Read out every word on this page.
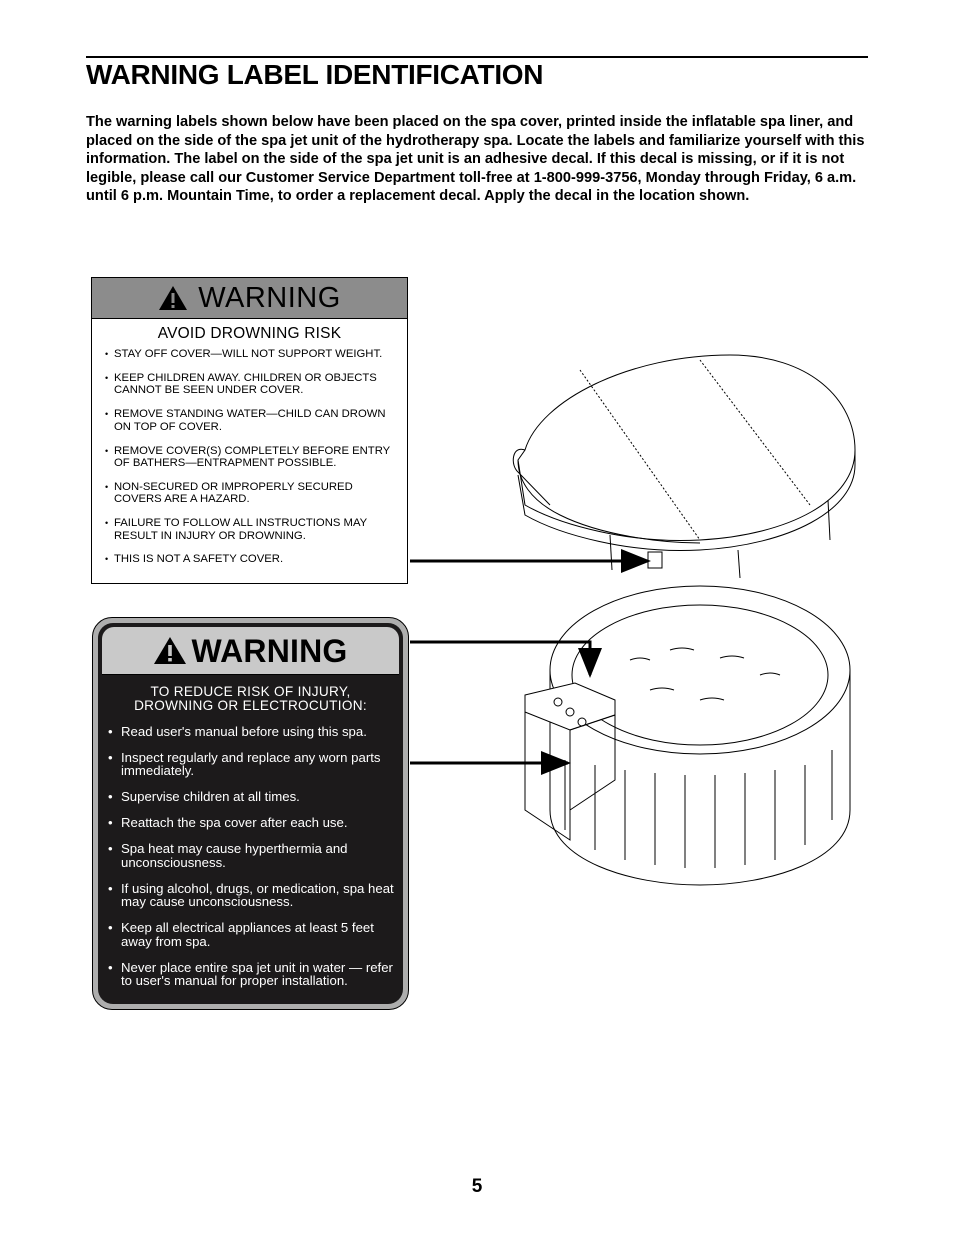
WARNING LABEL IDENTIFICATION

The warning labels shown below have been placed on the spa cover, printed inside the inflatable spa liner, and placed on the side of the spa jet unit of the hydrotherapy spa. Locate the labels and familiarize yourself with this information. The label on the side of the spa jet unit is an adhesive decal. If this decal is missing, or if it is not legible, please call our Customer Service Department toll-free at 1-800-999-3756, Monday through Friday, 6 a.m. until 6 p.m. Mountain Time, to order a replacement decal. Apply the decal in the location shown.

WARNING
AVOID DROWNING RISK
• STAY OFF COVER—WILL NOT SUPPORT WEIGHT.
• KEEP CHILDREN AWAY. CHILDREN OR OBJECTS CANNOT BE SEEN UNDER COVER.
• REMOVE STANDING WATER—CHILD CAN DROWN ON TOP OF COVER.
• REMOVE COVER(S) COMPLETELY BEFORE ENTRY OF BATHERS—ENTRAPMENT POSSIBLE.
• NON-SECURED OR IMPROPERLY SECURED COVERS ARE A HAZARD.
• FAILURE TO FOLLOW ALL INSTRUCTIONS MAY RESULT IN INJURY OR DROWNING.
• THIS IS NOT A SAFETY COVER.
WARNING
TO REDUCE RISK OF INJURY, DROWNING OR ELECTROCUTION:
• Read user's manual before using this spa.
• Inspect regularly and replace any worn parts immediately.
• Supervise children at all times.
• Reattach the spa cover after each use.
• Spa heat may cause hyperthermia and unconsciousness.
• If using alcohol, drugs, or medication, spa heat may cause unconsciousness.
• Keep all electrical appliances at least 5 feet away from spa.
• Never place entire spa jet unit in water — refer to user's manual for proper installation.
5
